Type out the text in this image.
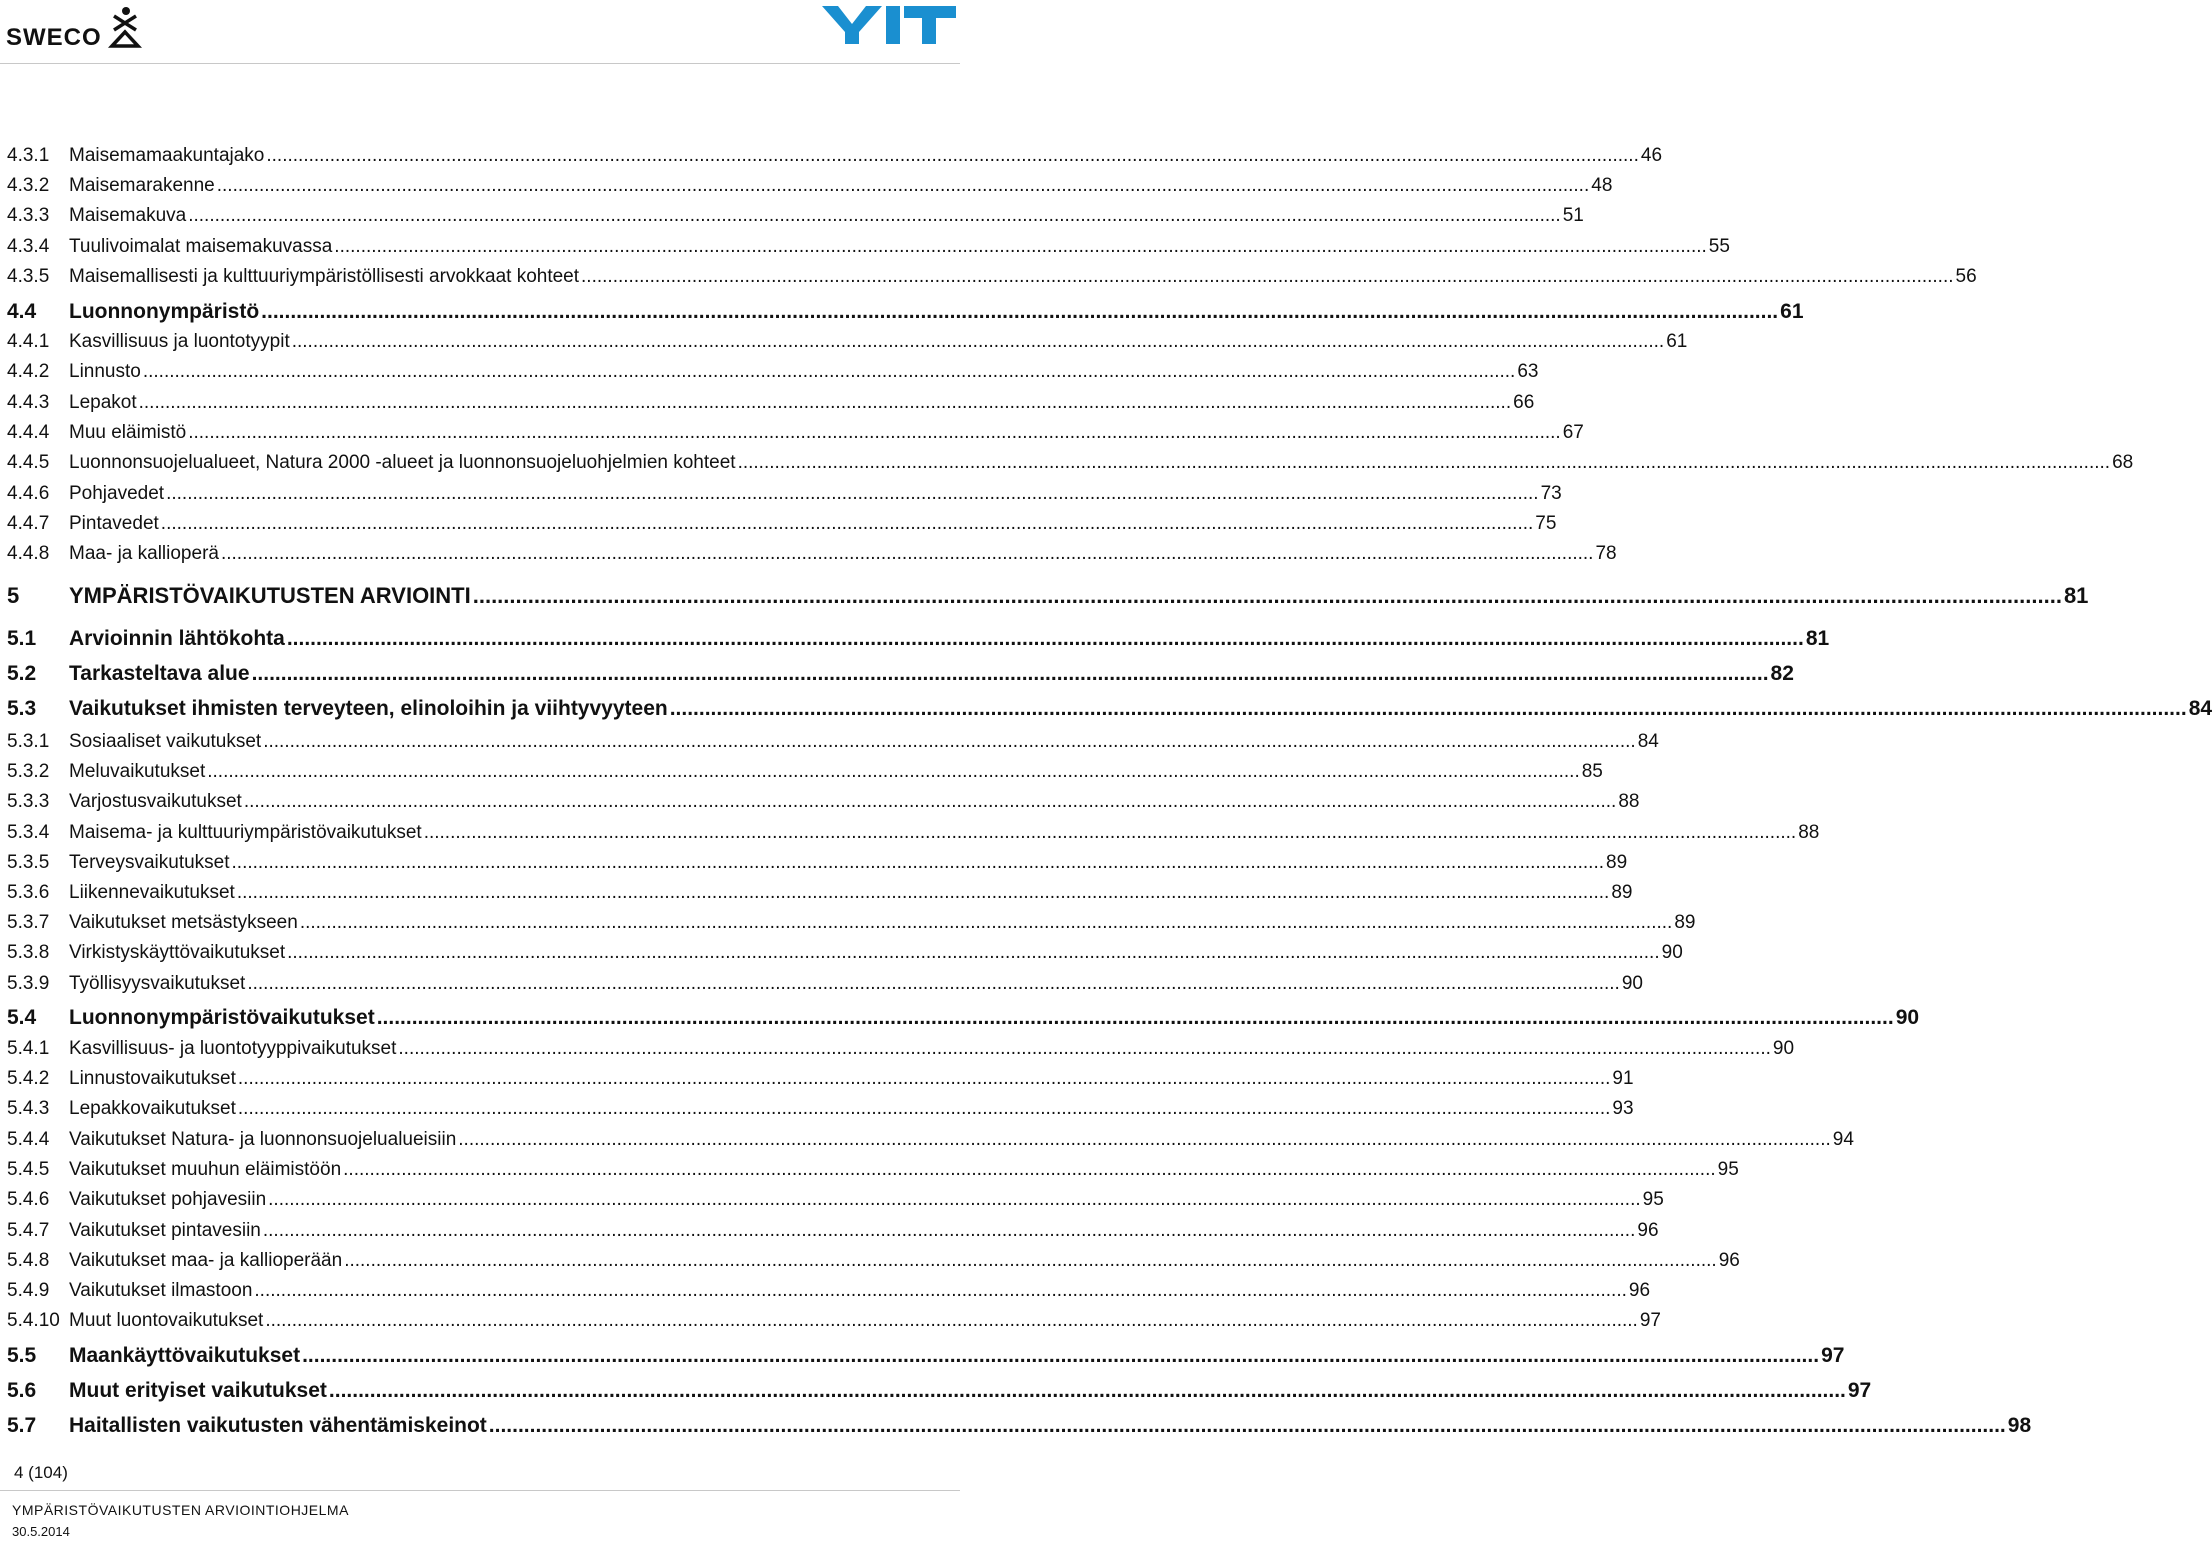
SWECO
YIT
4.3.1	Maisemamaakuntajako .................................................................................................................................................................................................................................................................... 46
4.3.2	Maisemarakenne .................................................................................................................................................................................................................................................................... 48
4.3.3	Maisemakuva .................................................................................................................................................................................................................................................................... 51
4.3.4	Tuulivoimalat maisemakuvassa .................................................................................................................................................................................................................................................................... 55
4.3.5	Maisemallisesti ja kulttuuriympäristöllisesti arvokkaat kohteet .................................................................................................................................................................................................................................................................... 56
4.4	Luonnonympäristö .................................................................................................................................................................................................................................................................... 61
4.4.1	Kasvillisuus ja luontotyypit .................................................................................................................................................................................................................................................................... 61
4.4.2	Linnusto .................................................................................................................................................................................................................................................................... 63
4.4.3	Lepakot .................................................................................................................................................................................................................................................................... 66
4.4.4	Muu eläimistö .................................................................................................................................................................................................................................................................... 67
4.4.5	Luonnonsuojelualueet, Natura 2000 -alueet ja luonnonsuojeluohjelmien kohteet .................................................................................................................................................................................................................................................................... 68
4.4.6	Pohjavedet .................................................................................................................................................................................................................................................................... 73
4.4.7	Pintavedet .................................................................................................................................................................................................................................................................... 75
4.4.8	Maa- ja kallioperä .................................................................................................................................................................................................................................................................... 78
5	YMPÄRISTÖVAIKUTUSTEN ARVIOINTI .................................................................................................................................................................................................................................................................... 81
5.1	Arvioinnin lähtökohta .................................................................................................................................................................................................................................................................... 81
5.2	Tarkasteltava alue .................................................................................................................................................................................................................................................................... 82
5.3	Vaikutukset ihmisten terveyteen, elinoloihin ja viihtyvyyteen .................................................................................................................................................................................................................................................................... 84
5.3.1	Sosiaaliset vaikutukset .................................................................................................................................................................................................................................................................... 84
5.3.2	Meluvaikutukset .................................................................................................................................................................................................................................................................... 85
5.3.3	Varjostusvaikutukset .................................................................................................................................................................................................................................................................... 88
5.3.4	Maisema- ja kulttuuriympäristövaikutukset .................................................................................................................................................................................................................................................................... 88
5.3.5	Terveysvaikutukset .................................................................................................................................................................................................................................................................... 89
5.3.6	Liikennevaikutukset .................................................................................................................................................................................................................................................................... 89
5.3.7	Vaikutukset metsästykseen .................................................................................................................................................................................................................................................................... 89
5.3.8	Virkistyskäyttövaikutukset .................................................................................................................................................................................................................................................................... 90
5.3.9	Työllisyysvaikutukset .................................................................................................................................................................................................................................................................... 90
5.4	Luonnonympäristövaikutukset .................................................................................................................................................................................................................................................................... 90
5.4.1	Kasvillisuus- ja luontotyyppivaikutukset .................................................................................................................................................................................................................................................................... 90
5.4.2	Linnustovaikutukset .................................................................................................................................................................................................................................................................... 91
5.4.3	Lepakkovaikutukset .................................................................................................................................................................................................................................................................... 93
5.4.4	Vaikutukset Natura- ja luonnonsuojelualueisiin .................................................................................................................................................................................................................................................................... 94
5.4.5	Vaikutukset muuhun eläimistöön .................................................................................................................................................................................................................................................................... 95
5.4.6	Vaikutukset pohjavesiin .................................................................................................................................................................................................................................................................... 95
5.4.7	Vaikutukset pintavesiin .................................................................................................................................................................................................................................................................... 96
5.4.8	Vaikutukset maa- ja kallioperään .................................................................................................................................................................................................................................................................... 96
5.4.9	Vaikutukset ilmastoon .................................................................................................................................................................................................................................................................... 96
5.4.10 Muut luontovaikutukset .................................................................................................................................................................................................................................................................... 97
5.5	Maankäyttövaikutukset .................................................................................................................................................................................................................................................................... 97
5.6	Muut erityiset vaikutukset .................................................................................................................................................................................................................................................................... 97
5.7	Haitallisten vaikutusten vähentämiskeinot .................................................................................................................................................................................................................................................................... 98
4 (104)
YMPÄRISTÖVAIKUTUSTEN ARVIOINTIOHJELMA
30.5.2014
